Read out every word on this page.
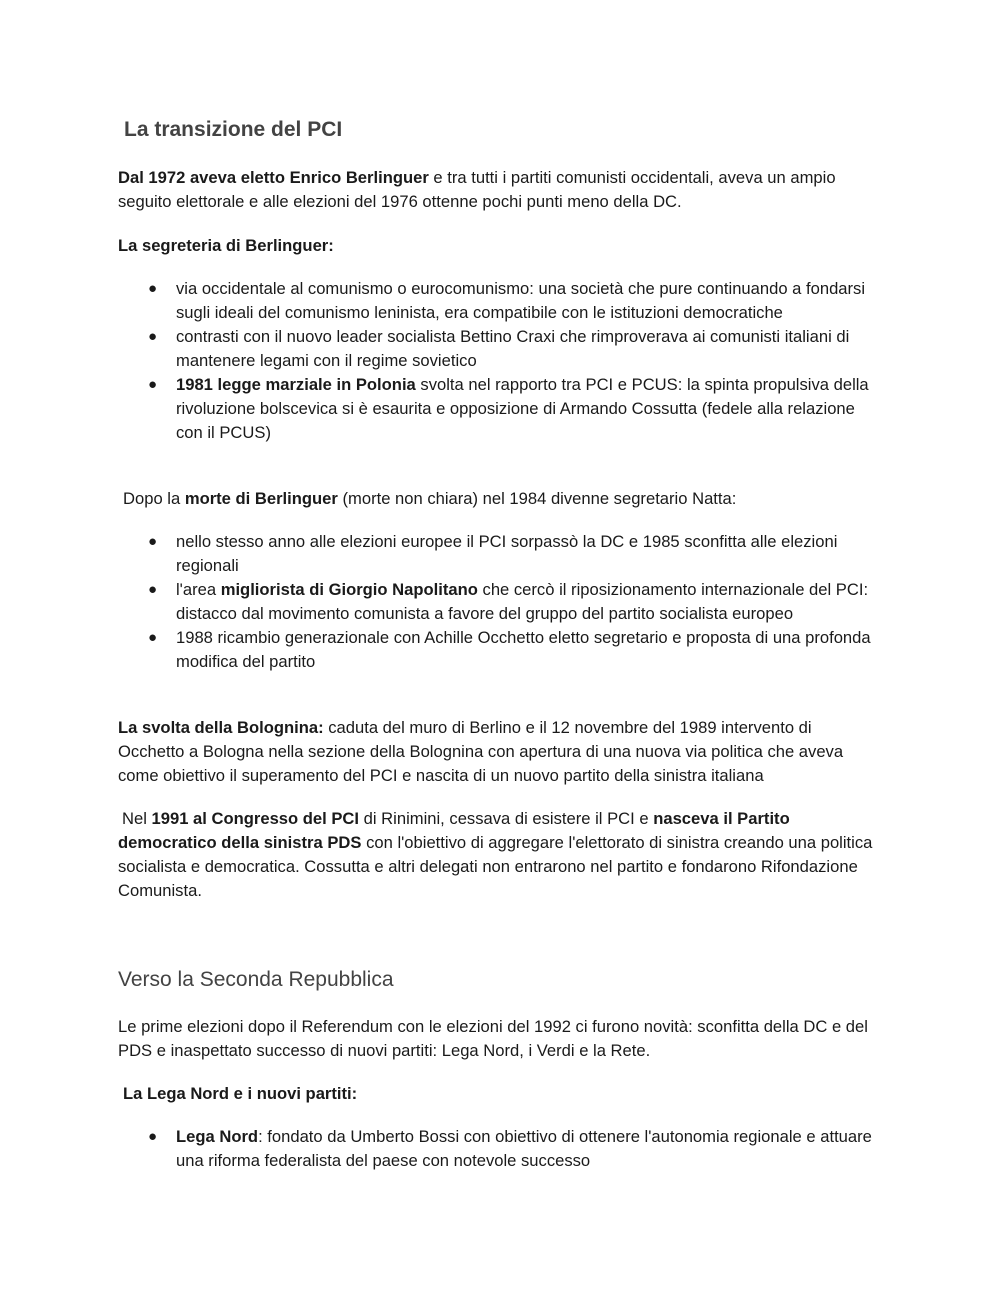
La transizione del PCI
Dal 1972 aveva eletto Enrico Berlinguer e tra tutti i partiti comunisti occidentali, aveva un ampio seguito elettorale e alle elezioni del 1976 ottenne pochi punti meno della DC.
La segreteria di Berlinguer:
● via occidentale al comunismo o eurocomunismo: una società che pure continuando a fondarsi sugli ideali del comunismo leninista, era compatibile con le istituzioni democratiche
● contrasti con il nuovo leader socialista Bettino Craxi che rimproverava ai comunisti italiani di mantenere legami con il regime sovietico
● 1981 legge marziale in Polonia svolta nel rapporto tra PCI e PCUS: la spinta propulsiva della rivoluzione bolscevica si è esaurita e opposizione di Armando Cossutta (fedele alla relazione con il PCUS)
Dopo la morte di Berlinguer (morte non chiara) nel 1984 divenne segretario Natta:
● nello stesso anno alle elezioni europee il PCI sorpassò la DC e 1985 sconfitta alle elezioni regionali
● l'area migliorista di Giorgio Napolitano che cercò il riposizionamento internazionale del PCI: distacco dal movimento comunista a favore del gruppo del partito socialista europeo
● 1988 ricambio generazionale con Achille Occhetto eletto segretario e proposta di una profonda modifica del partito
La svolta della Bolognina: caduta del muro di Berlino e il 12 novembre del 1989 intervento di Occhetto a Bologna nella sezione della Bolognina con apertura di una nuova via politica che aveva come obiettivo il superamento del PCI e nascita di un nuovo partito della sinistra italiana
Nel 1991 al Congresso del PCI di Rinimini, cessava di esistere il PCI e nasceva il Partito democratico della sinistra PDS con l'obiettivo di aggregare l'elettorato di sinistra creando una politica socialista e democratica. Cossutta e altri delegati non entrarono nel partito e fondarono Rifondazione Comunista.
Verso la Seconda Repubblica
Le prime elezioni dopo il Referendum con le elezioni del 1992 ci furono novità: sconfitta della DC e del PDS e inaspettato successo di nuovi partiti: Lega Nord, i Verdi e la Rete.
La Lega Nord e i nuovi partiti:
● Lega Nord: fondato da Umberto Bossi con obiettivo di ottenere l'autonomia regionale e attuare una riforma federalista del paese con notevole successo
